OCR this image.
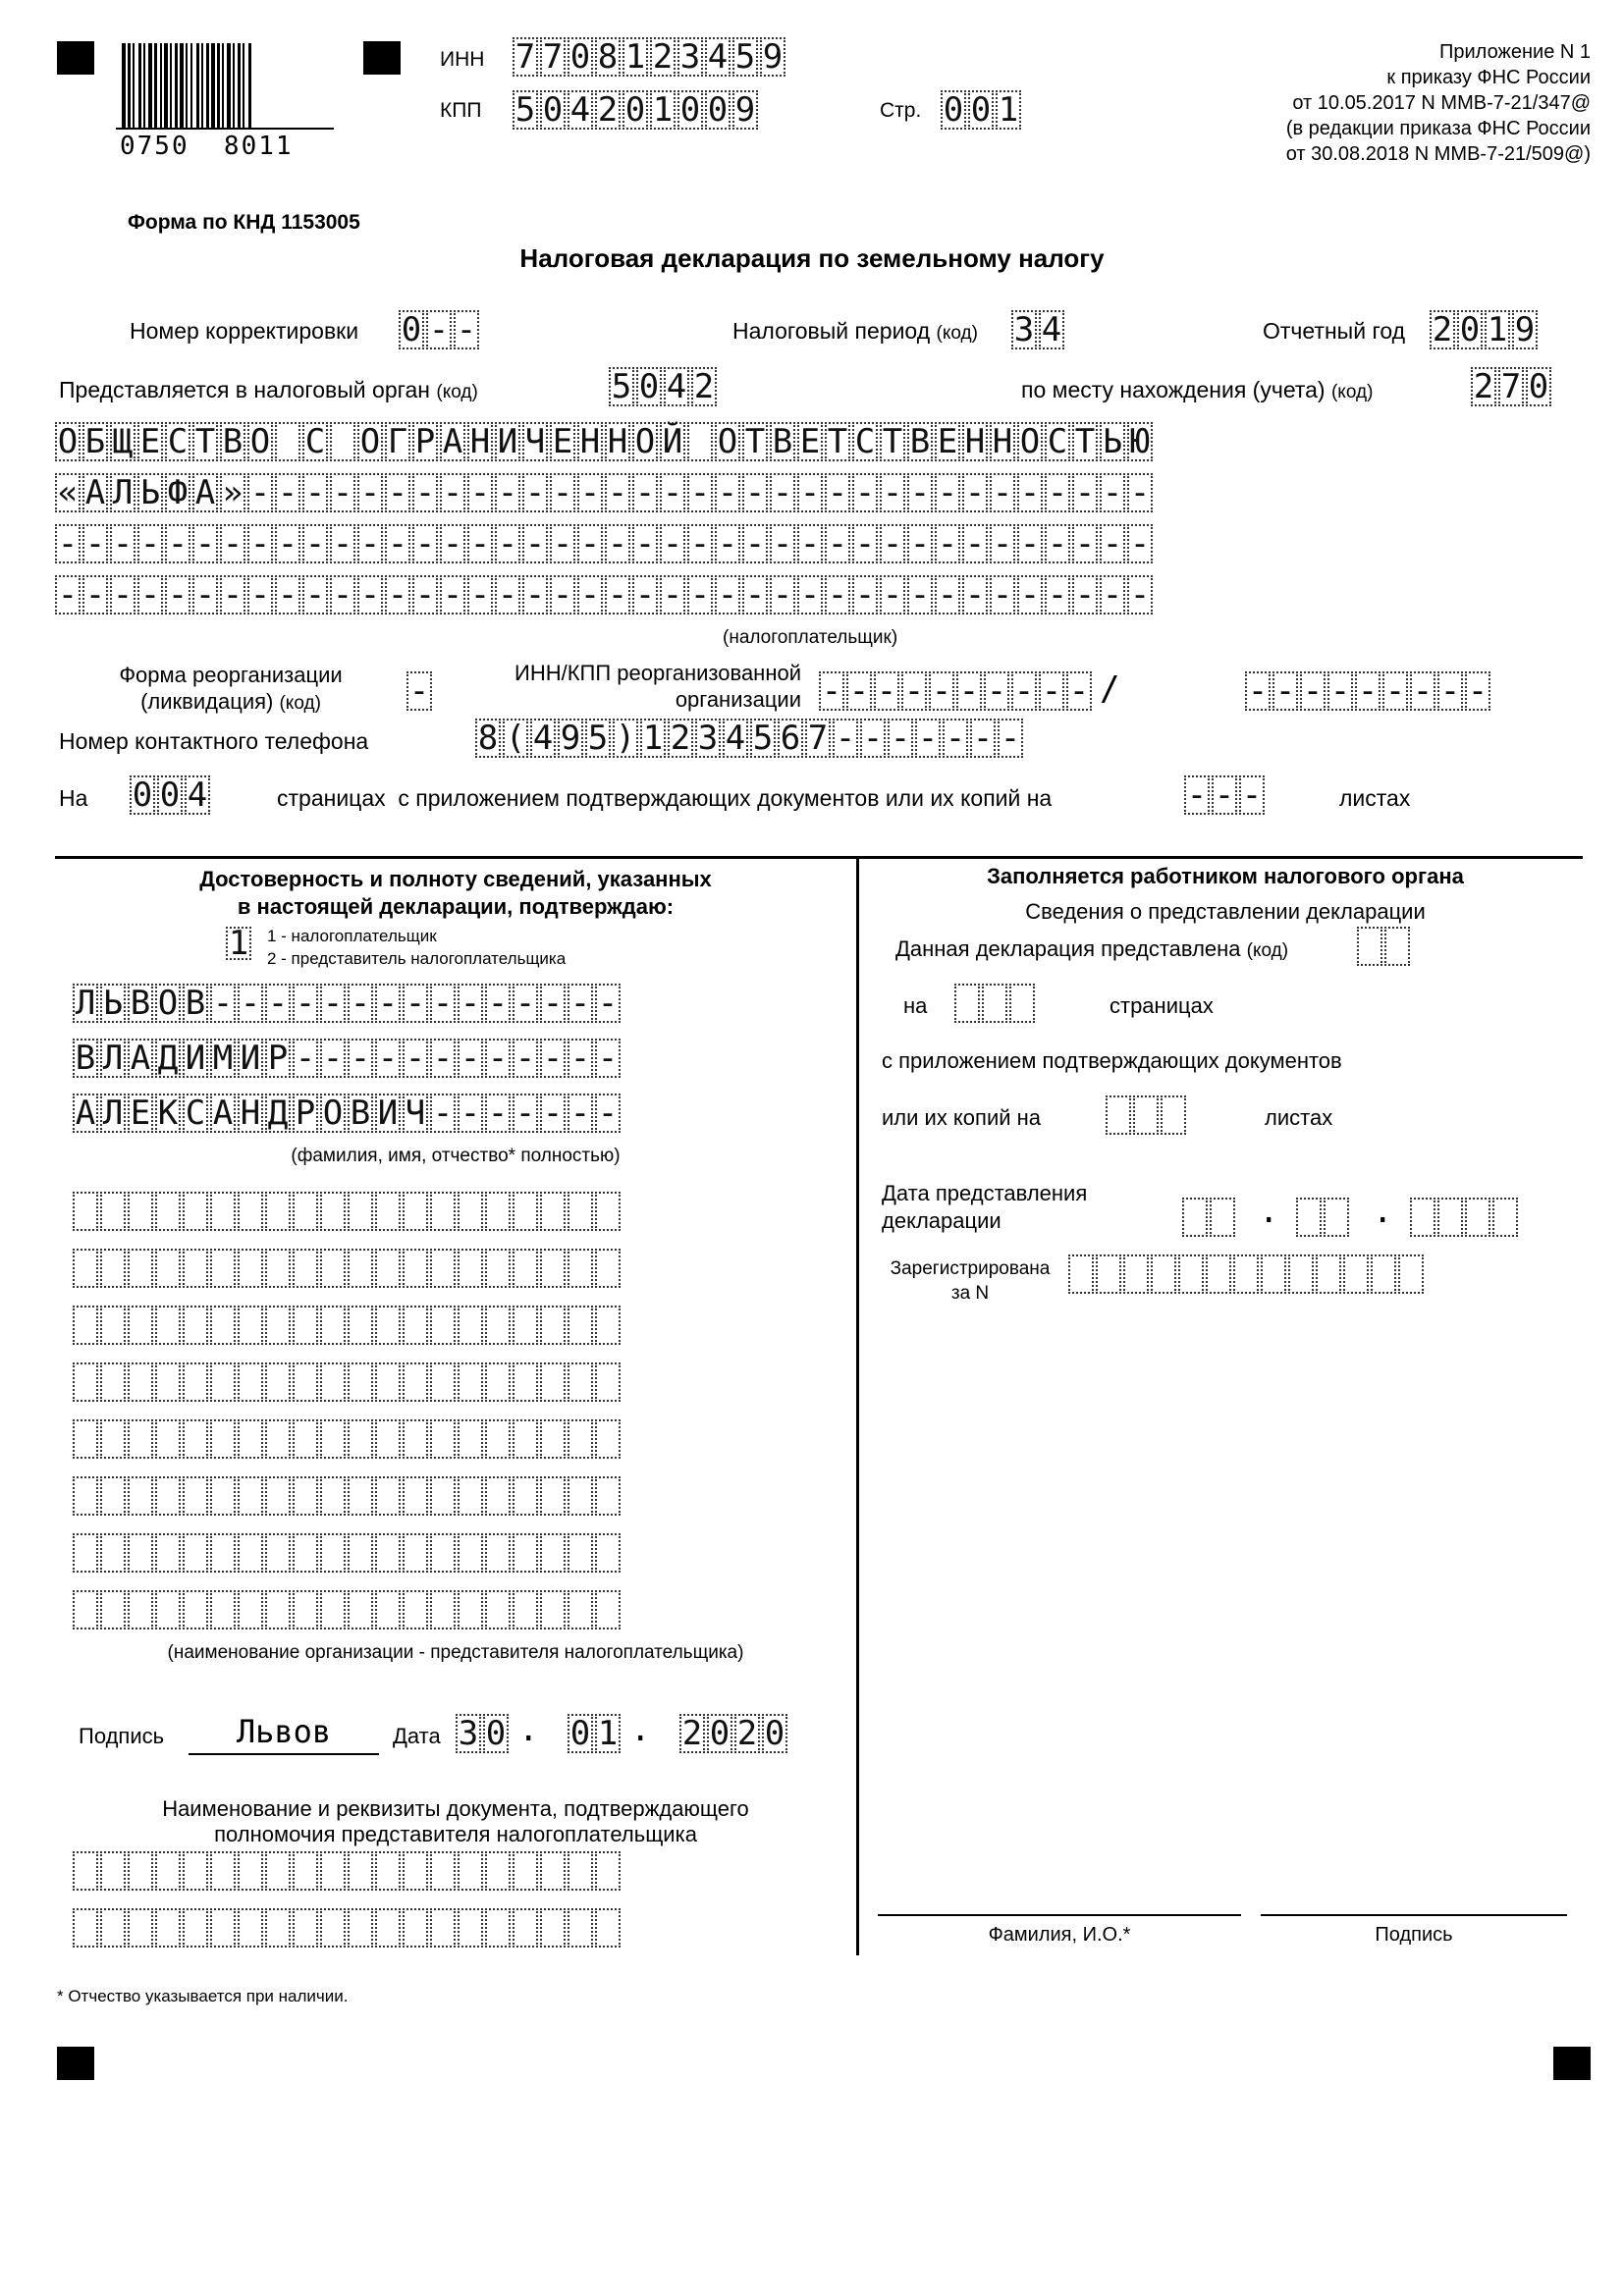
0750  8011
ИНН 7 7 0 8 1 2 3 4 5 9
КПП 5 0 4 2 0 1 0 0 9	Стр. 0 0 1
Приложение N 1
к приказу ФНС России
от 10.05.2017 N ММВ-7-21/347@
(в редакции приказа ФНС России
от 30.08.2018 N ММВ-7-21/509@)
Форма по КНД 1153005
Налоговая декларация по земельному налогу
Номер корректировки 0 - -	Налоговый период (код) 3 4	Отчетный год 2 0 1 9
Представляется в налоговый орган (код)	5 0 4 2	по месту нахождения (учета) (код)	2 7 0
О Б Щ Е С Т В О С О Г Р А Н И Ч Е Н Н О Й О Т В Е Т С Т В Е Н Н О С Т Ь Ю
« А Л Ь Ф А » - - - - - - - - - - - - - - - - - - - - - - - - - - - - - - - - -
- - - - - - - - - - - - - - - - - - - - - - - - - - - - - - - - - - - - - - - -
- - - - - - - - - - - - - - - - - - - - - - - - - - - - - - - - - - - - - - - -
(налогоплательщик)
Форма реорганизации
(ликвидация) (код)	-	ИНН/КПП реорганизованной
организации - - - - - - - - - - /	- - - - - - - - -
Номер контактного телефона	8 ( 4 9 5 ) 1 2 3 4 5 6 7 - - - - - - -
На 0 0 4	страницах  с приложением подтверждающих документов или их копий на	- - -	листах
Достоверность и полноту сведений, указанных
в настоящей декларации, подтверждаю:
1 1 - налогоплательщик
2 - представитель налогоплательщика
Л Ь В О В - - - - - - - - - - - - - - -
В Л А Д И М И Р - - - - - - - - - - - -
А Л Е К С А Н Д Р О В И Ч - - - - - - -
(фамилия, имя, отчество* полностью)
(наименование организации - представителя налогоплательщика)
Подпись	Львов	Дата 3 0 . 0 1 . 2 0 2 0
Наименование и реквизиты документа, подтверждающего
полномочия представителя налогоплательщика
Заполняется работником налогового органа
Сведения о представлении декларации
Данная декларация представлена (код)
на	страницах
с приложением подтверждающих документов
или их копий на	листах
Дата представления
декларации	.	.
Зарегистрирована
за N
Фамилия, И.О.*	Подпись
* Отчество указывается при наличии.
